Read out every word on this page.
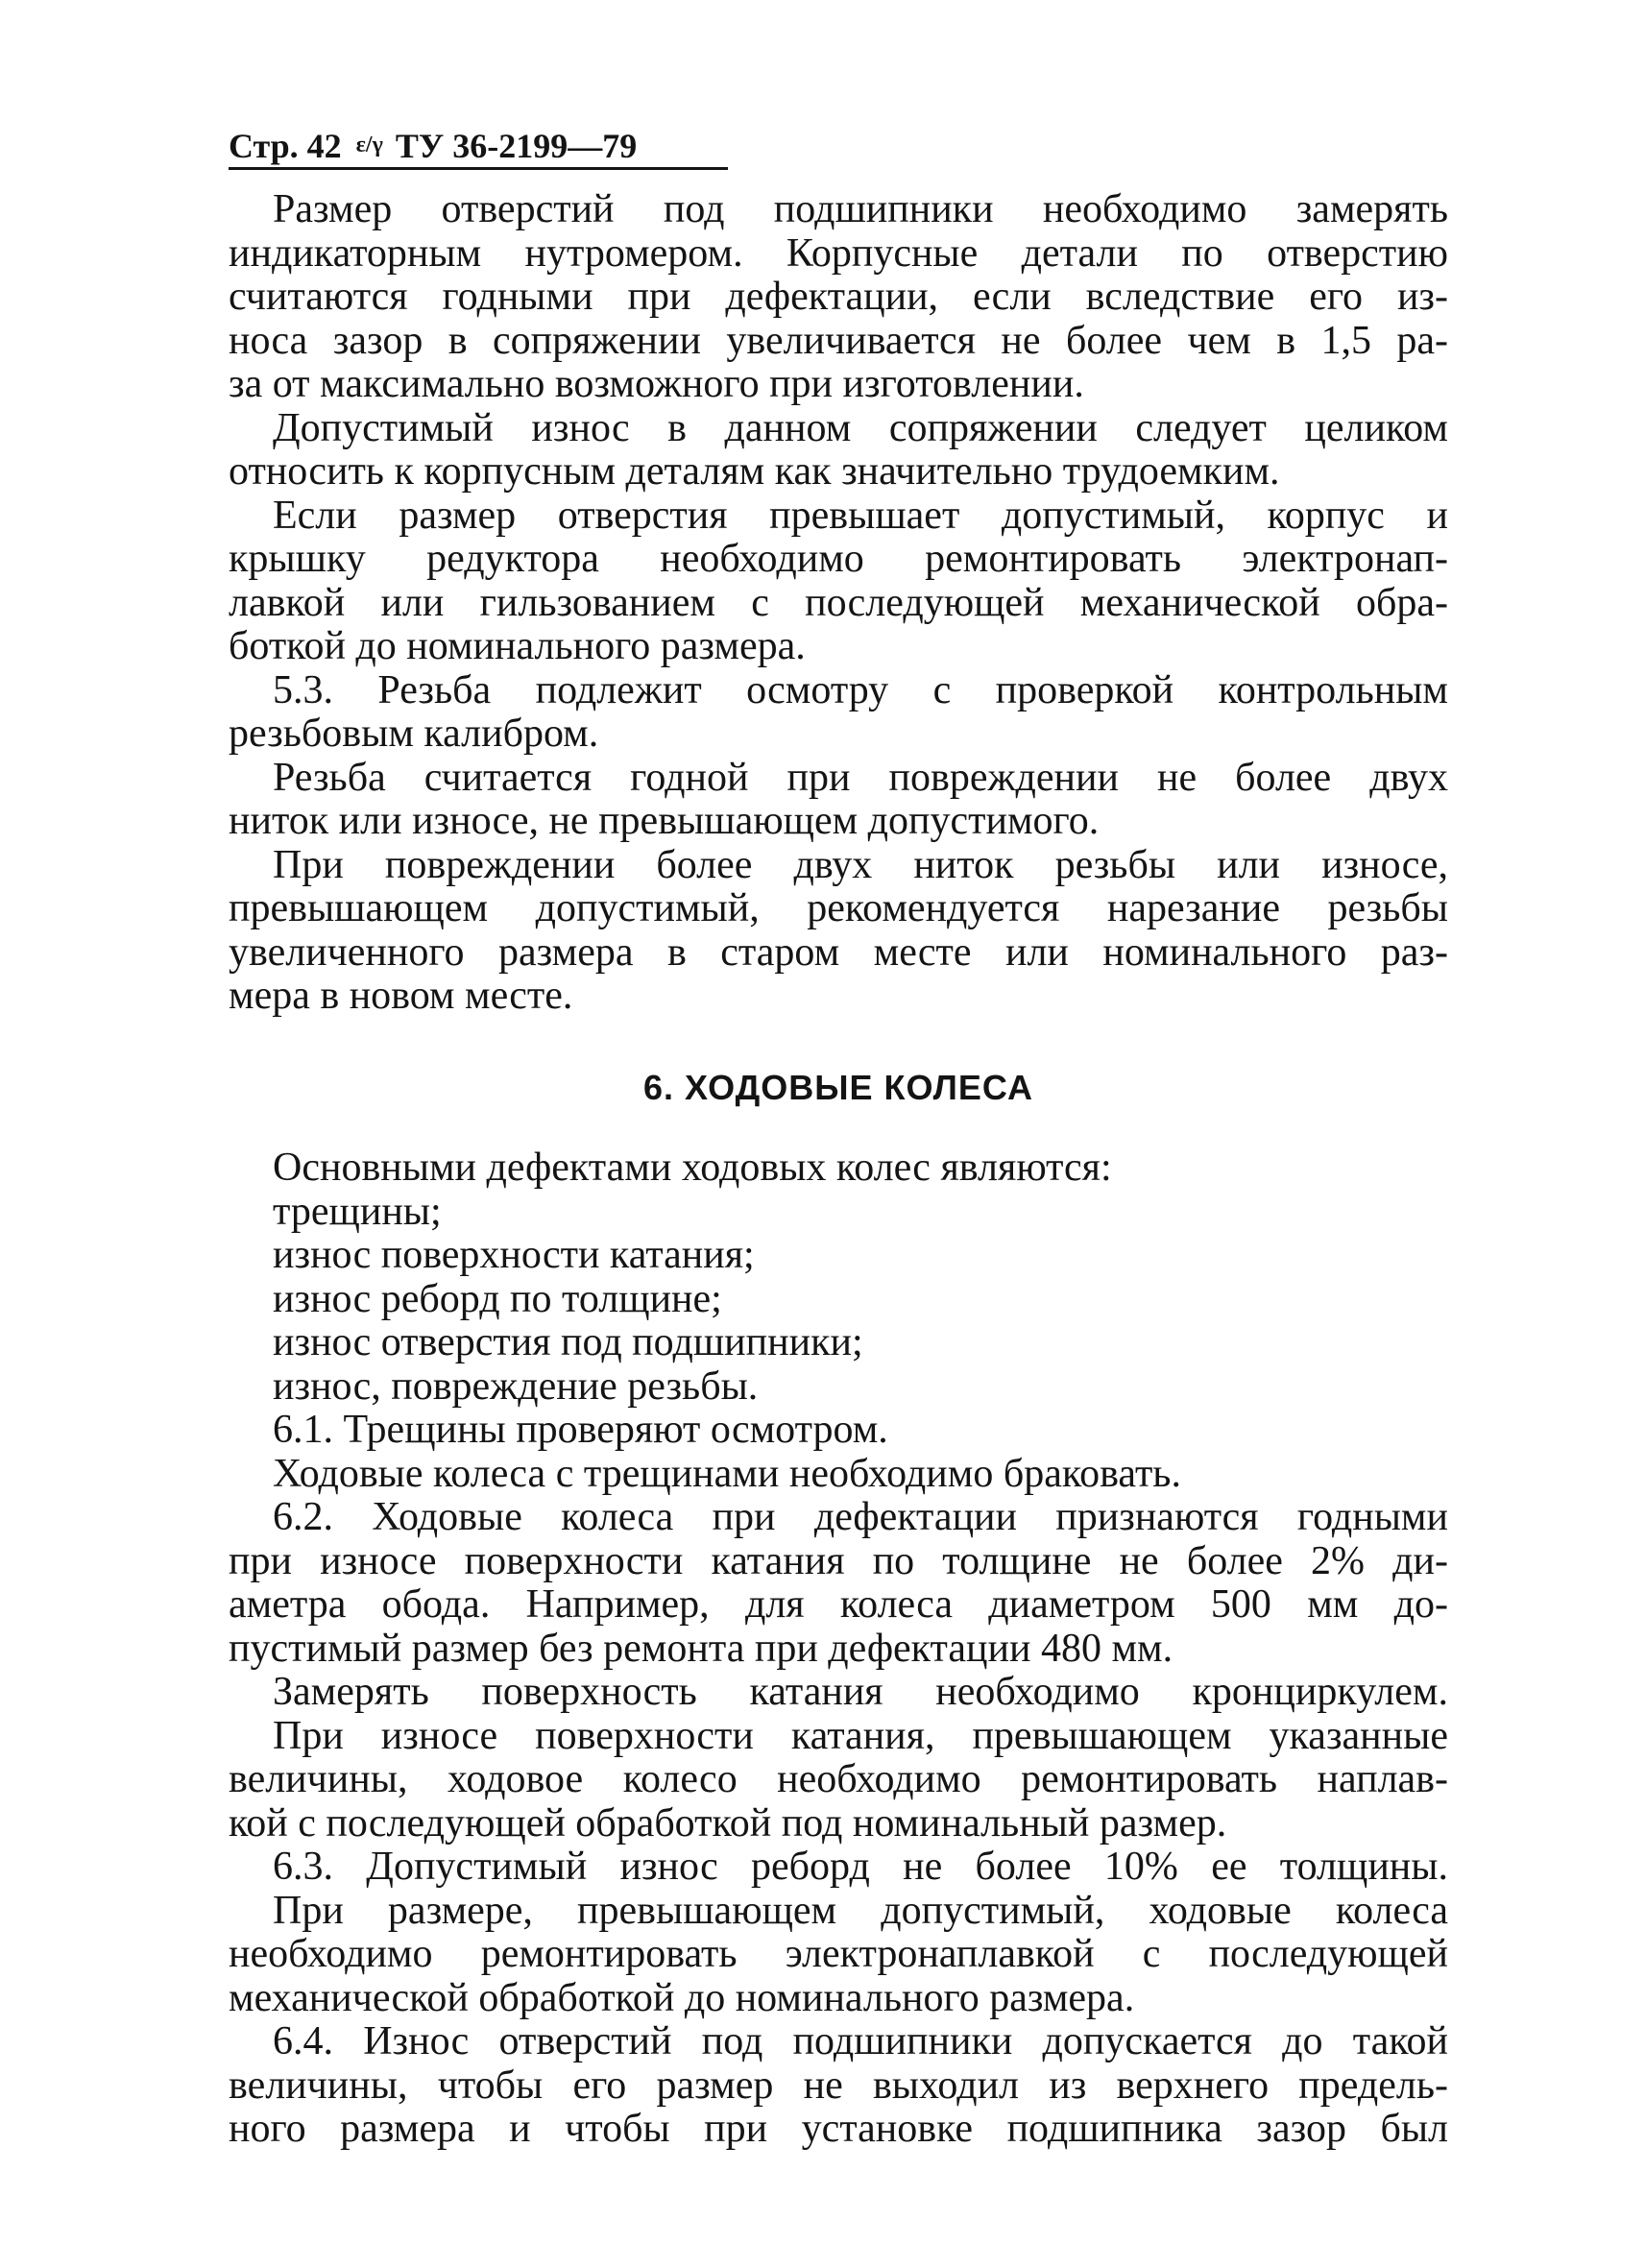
Стр. 42 ε/γ ТУ 36-2199—79
Размер отверстий под подшипники необходимо замерять
индикаторным нутромером. Корпусные детали по отверстию
считаются годными при дефектации, если вследствие его из-
носа зазор в сопряжении увеличивается не более чем в 1,5 ра-
за от максимально возможного при изготовлении.
Допустимый износ в данном сопряжении следует целиком
относить к корпусным деталям как значительно трудоемким.
Если размер отверстия превышает допустимый, корпус и
крышку редуктора необходимо ремонтировать электронап-
лавкой или гильзованием с последующей механической обра-
боткой до номинального размера.
5.3. Резьба подлежит осмотру с проверкой контрольным
резьбовым калибром.
Резьба считается годной при повреждении не более двух
ниток или износе, не превышающем допустимого.
При повреждении более двух ниток резьбы или износе,
превышающем допустимый, рекомендуется нарезание резьбы
увеличенного размера в старом месте или номинального раз-
мера в новом месте.
6. ХОДОВЫЕ КОЛЕСА
Основными дефектами ходовых колес являются:
трещины;
износ поверхности катания;
износ реборд по толщине;
износ отверстия под подшипники;
износ, повреждение резьбы.
6.1. Трещины проверяют осмотром.
Ходовые колеса с трещинами необходимо браковать.
6.2. Ходовые колеса при дефектации признаются годными
при износе поверхности катания по толщине не более 2% ди-
аметра обода. Например, для колеса диаметром 500 мм до-
пустимый размер без ремонта при дефектации 480 мм.
Замерять поверхность катания необходимо кронциркулем.
При износе поверхности катания, превышающем указанные
величины, ходовое колесо необходимо ремонтировать наплав-
кой с последующей обработкой под номинальный размер.
6.3. Допустимый износ реборд не более 10% ее толщины.
При размере, превышающем допустимый, ходовые колеса
необходимо ремонтировать электронаплавкой с последующей
механической обработкой до номинального размера.
6.4. Износ отверстий под подшипники допускается до такой
величины, чтобы его размер не выходил из верхнего предель-
ного размера и чтобы при установке подшипника зазор был
